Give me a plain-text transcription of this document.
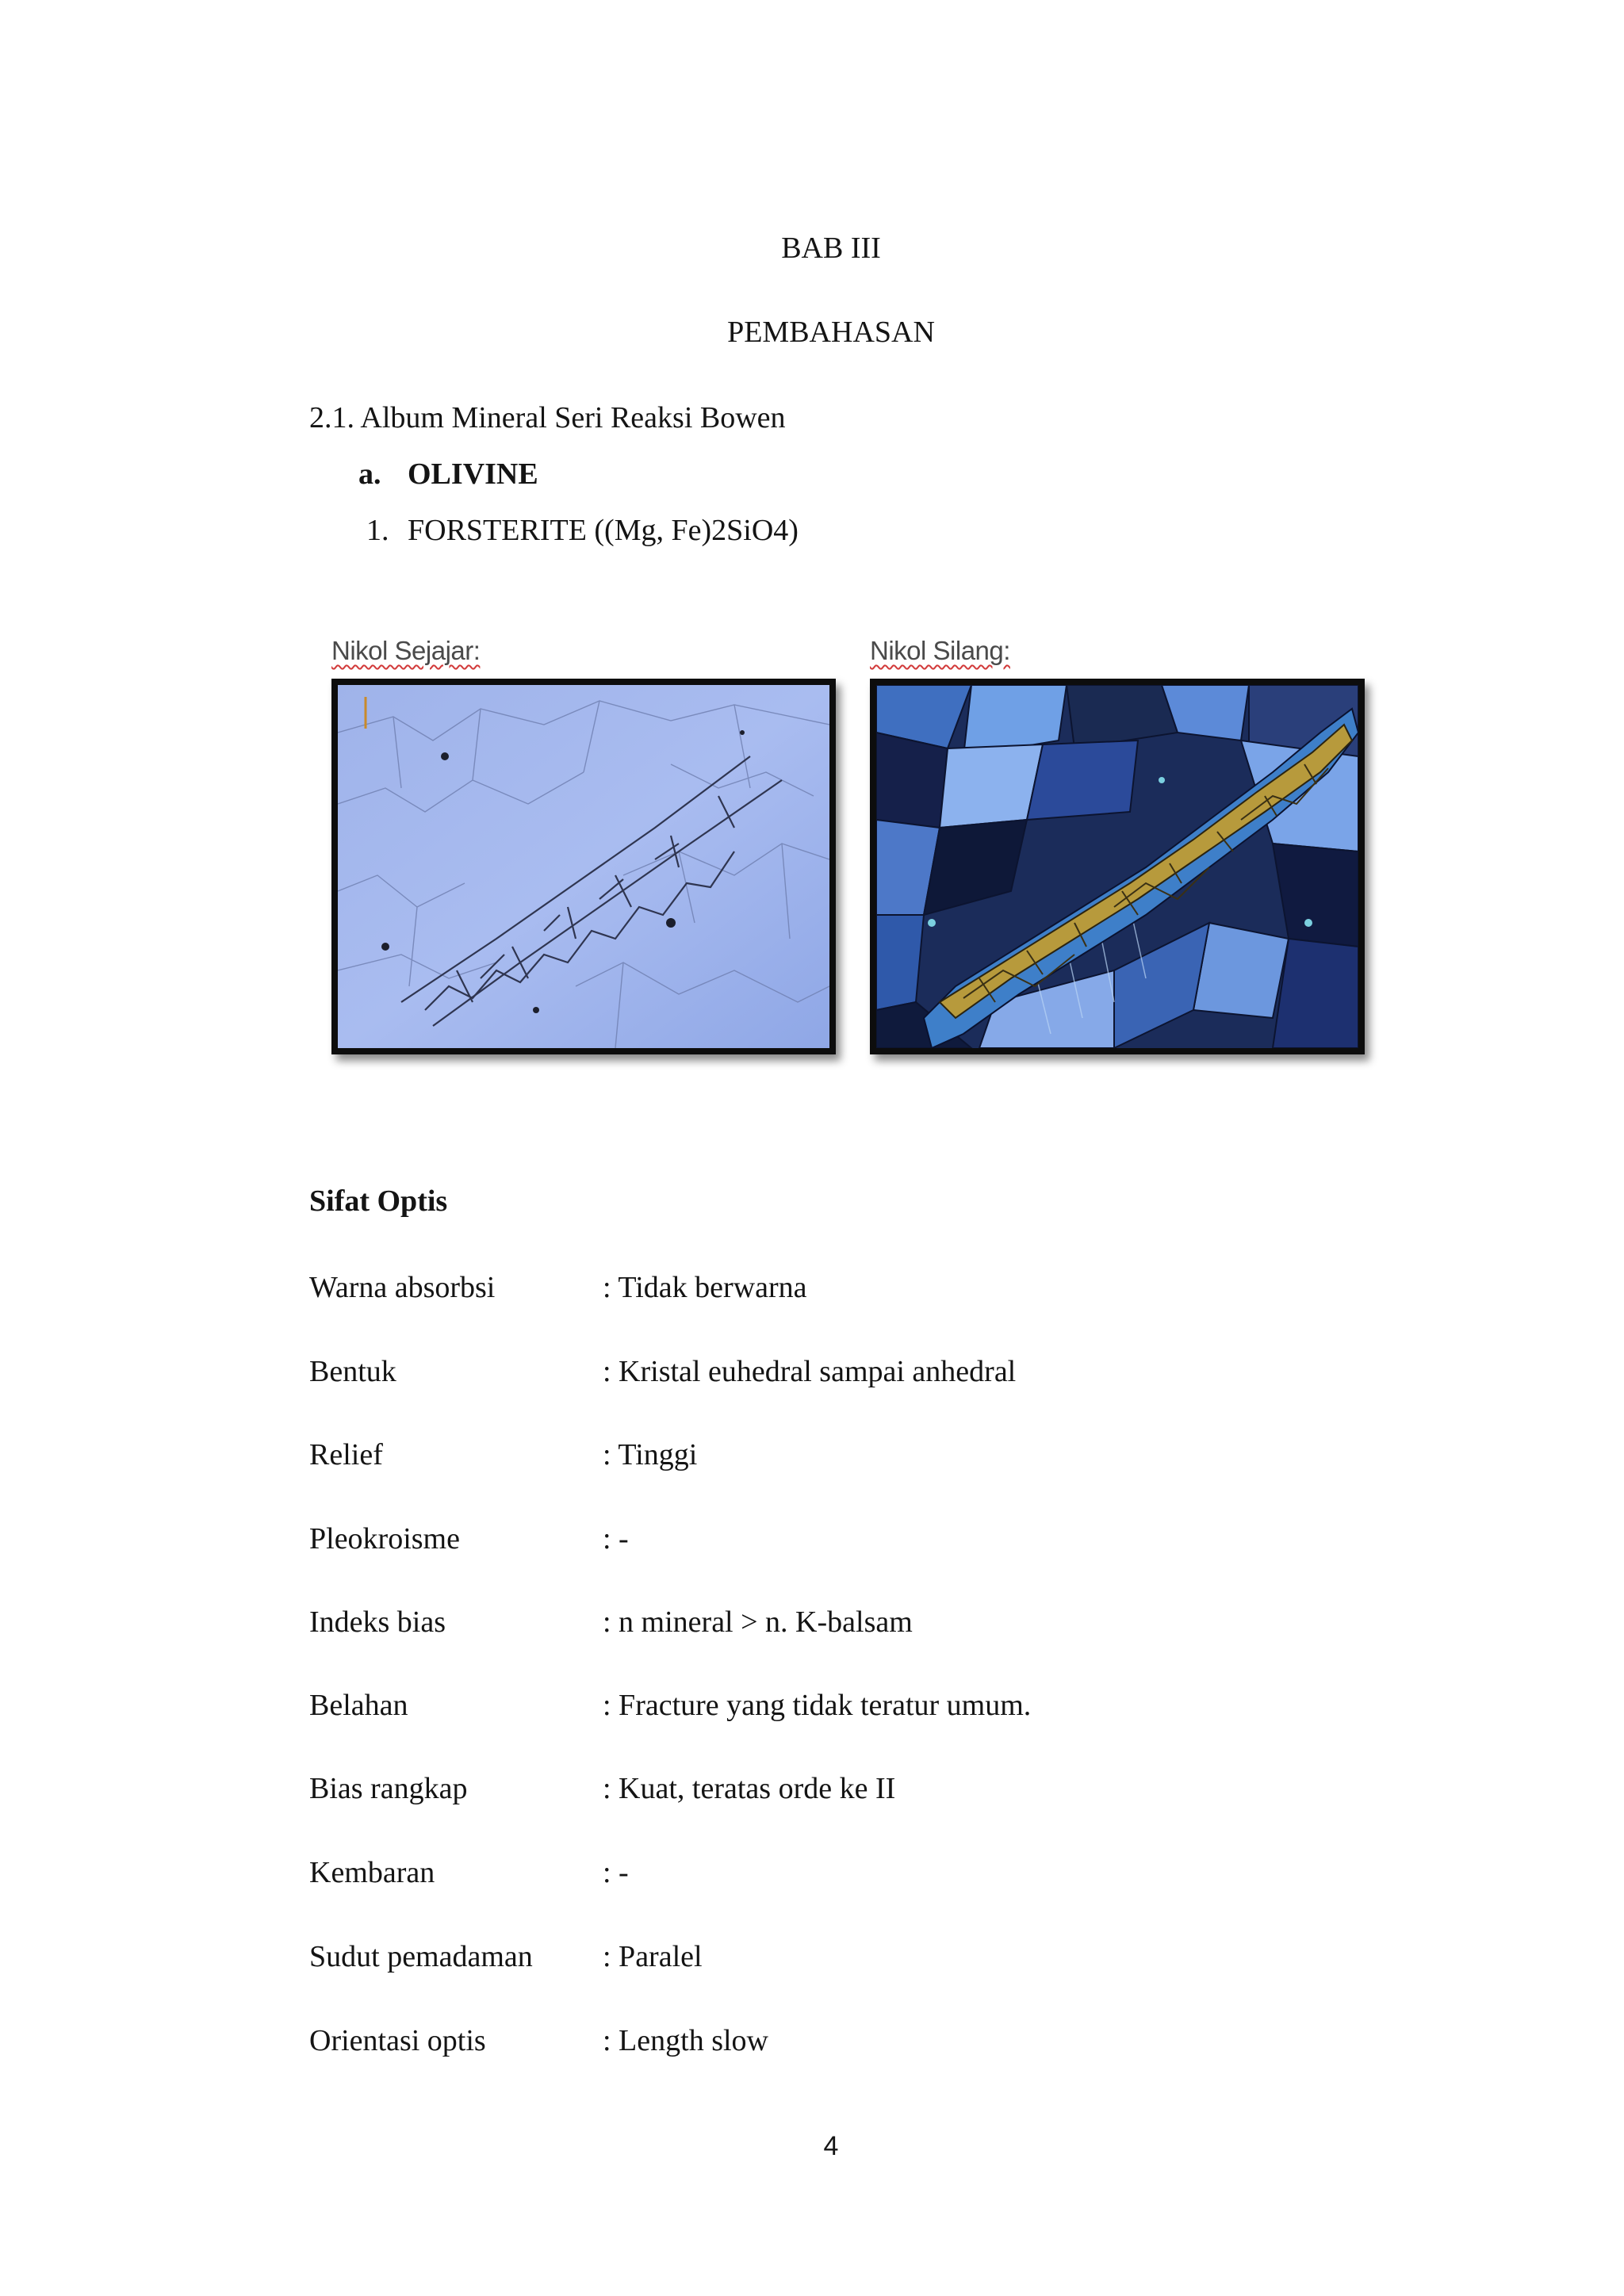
BAB III
PEMBAHASAN
2.1. Album Mineral Seri Reaksi Bowen
a. OLIVINE
1. FORSTERITE ((Mg, Fe)2SiO4)
Nikol Sejajar:	Nikol Silang:
Sifat Optis
Warna absorbsi	: Tidak berwarna
Bentuk	: Kristal euhedral sampai anhedral
Relief	: Tinggi
Pleokroisme	: -
Indeks bias	: n mineral > n. K-balsam
Belahan	: Fracture yang tidak teratur umum.
Bias rangkap	: Kuat, teratas orde ke II
Kembaran	: -
Sudut pemadaman : Paralel
Orientasi optis	: Length slow
4
